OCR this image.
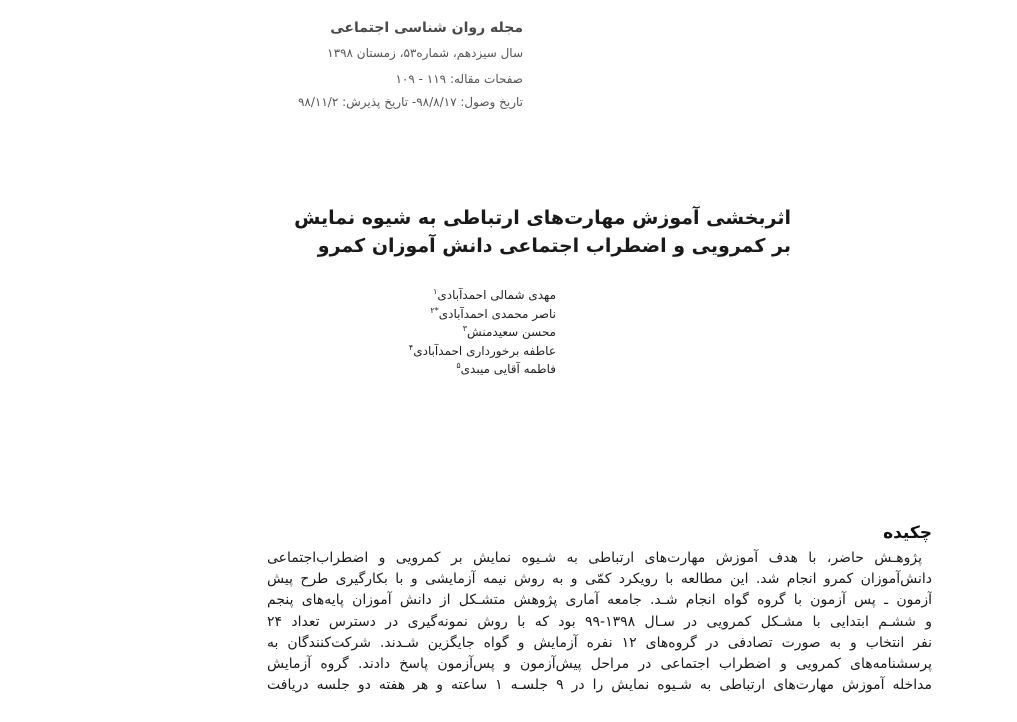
مجله روان شناسی اجتماعی
سال سیزدهم، شماره۵۳، زمستان ۱۳۹۸
صفحات مقاله: ۱۱۹ - ۱۰۹
تاریخ وصول: ۹۸/۸/۱۷- تاریخ پذیرش: ۹۸/۱۱/۲
اثربخشی آموزش مهارت‌های ارتباطی به شیوه نمایش
بر کمرویی و اضطراب اجتماعی دانش آموزان کمرو
مهدی شمالی احمدآبادی$^۱$
ناصر محمدی احمدآبادی$^{*۲}$
محسن سعیدمنش$^۳$
عاطفه برخورداری احمدآبادی$^۴$
فاطمه آقایی میبدی$^۵$
چکیده
پژوهـش حاضر، با هدف آموزش مهارت‌های ارتباطی به شـیوه نمایش بر کمرویی و اضطراب‌اجتماعی
دانش‌آموزان کمرو انجام شد. این مطالعه با رویکرد کمّی و به روش نیمه آزمایشی و با بکارگیری طرح پیش
آزمون ـ پس آزمون با گروه گواه انجام شـد. جامعه آماری پژوهش متشـکل از دانش آموزان پایه‌های پنجم
و ششـم ابتدایی با مشـکل کمرویی در سـال ۱۳۹۸-۹۹ بود که با روش نمونه‌گیری در دسترس تعداد ۲۴
نفر انتخاب و به صورت تصادفی در گروه‌های ۱۲ نفره آزمایش و گواه جایگزین شـدند. شرکت‌کنندگان به
پرسشنامه‌های کمرویی و اضطراب اجتماعی در مراحل پیش‌آزمون و پس‌آزمون پاسخ دادند. گروه آزمایش
مداخله آموزش مهارت‌های ارتباطی به شـیوه نمایش را در ۹ جلسـه ۱ ساعته و هر هفته دو جلسه دریافت
